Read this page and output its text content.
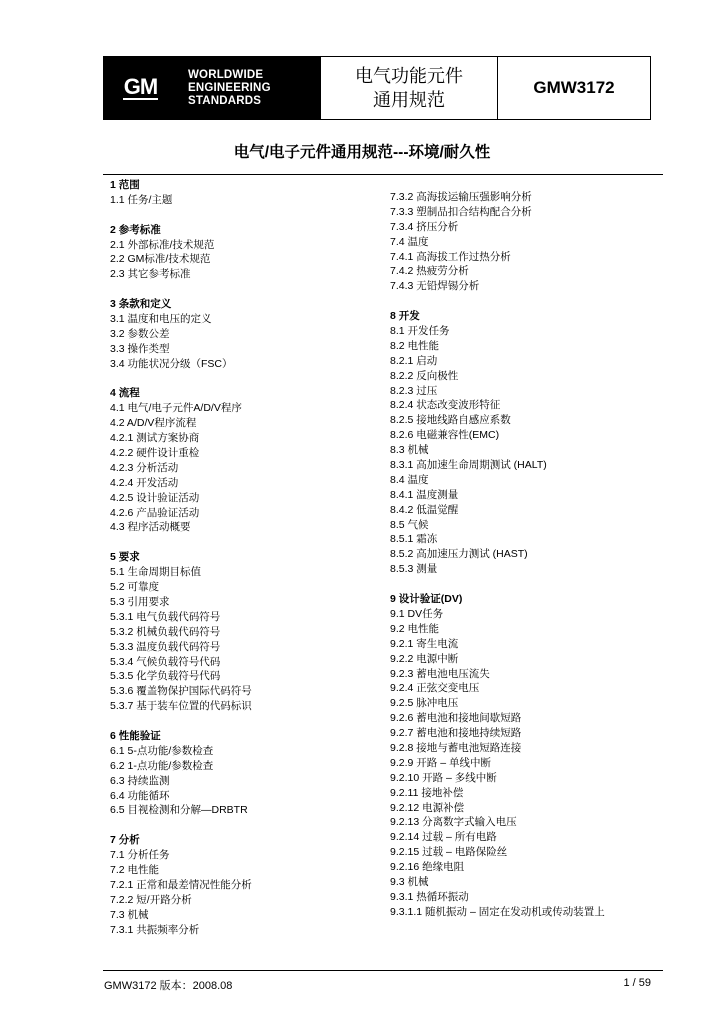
GM	WORLDWIDE
ENGINEERING
STANDARDS
电气功能元件
通用规范
GMW3172
电气/电子元件通用规范---环境/耐久性
1 范围
1.1 任务/主题
2 参考标准
2.1 外部标准/技术规范
2.2 GM标准/技术规范
2.3 其它参考标准
3 条款和定义
3.1 温度和电压的定义
3.2 参数公差
3.3 操作类型
3.4 功能状况分级（FSC）
4 流程
4.1 电气/电子元件A/D/V程序
4.2 A/D/V程序流程
4.2.1 测试方案协商
4.2.2 硬件设计重检
4.2.3 分析活动
4.2.4 开发活动
4.2.5 设计验证活动
4.2.6 产品验证活动
4.3 程序活动概要
5 要求
5.1 生命周期目标值
5.2 可靠度
5.3 引用要求
5.3.1 电气负载代码符号
5.3.2 机械负载代码符号
5.3.3 温度负载代码符号
5.3.4 气候负载符号代码
5.3.5 化学负载符号代码
5.3.6 覆盖物保护国际代码符号
5.3.7 基于装车位置的代码标识
6 性能验证
6.1 5-点功能/参数检查
6.2 1-点功能/参数检查
6.3 持续监测
6.4 功能循环
6.5 目视检测和分解—DRBTR
7 分析
7.1 分析任务
7.2 电性能
7.2.1 正常和最差情况性能分析
7.2.2 短/开路分析
7.3 机械
7.3.1 共振频率分析
7.3.2 高海拔运输压强影响分析
7.3.3 塑制品扣合结构配合分析
7.3.4 挤压分析
7.4 温度
7.4.1 高海拔工作过热分析
7.4.2 热疲劳分析
7.4.3 无铅焊锡分析
8 开发
8.1 开发任务
8.2 电性能
8.2.1 启动
8.2.2 反向极性
8.2.3 过压
8.2.4 状态改变波形特征
8.2.5 接地线路自感应系数
8.2.6 电磁兼容性(EMC)
8.3 机械
8.3.1 高加速生命周期测试 (HALT)
8.4 温度
8.4.1 温度测量
8.4.2 低温觉醒
8.5 气候
8.5.1 霜冻
8.5.2 高加速压力测试 (HAST)
8.5.3 测量
9 设计验证(DV)
9.1 DV任务
9.2 电性能
9.2.1 寄生电流
9.2.2 电源中断
9.2.3 蓄电池电压流失
9.2.4 正弦交变电压
9.2.5 脉冲电压
9.2.6 蓄电池和接地间歇短路
9.2.7 蓄电池和接地持续短路
9.2.8 接地与蓄电池短路连接
9.2.9 开路 – 单线中断
9.2.10 开路 – 多线中断
9.2.11 接地补偿
9.2.12 电源补偿
9.2.13 分离数字式输入电压
9.2.14 过载 – 所有电路
9.2.15 过载 – 电路保险丝
9.2.16 绝缘电阻
9.3 机械
9.3.1 热循环振动
9.3.1.1 随机振动 – 固定在发动机或传动装置上
GMW3172 版本：2008.08	1 / 59
